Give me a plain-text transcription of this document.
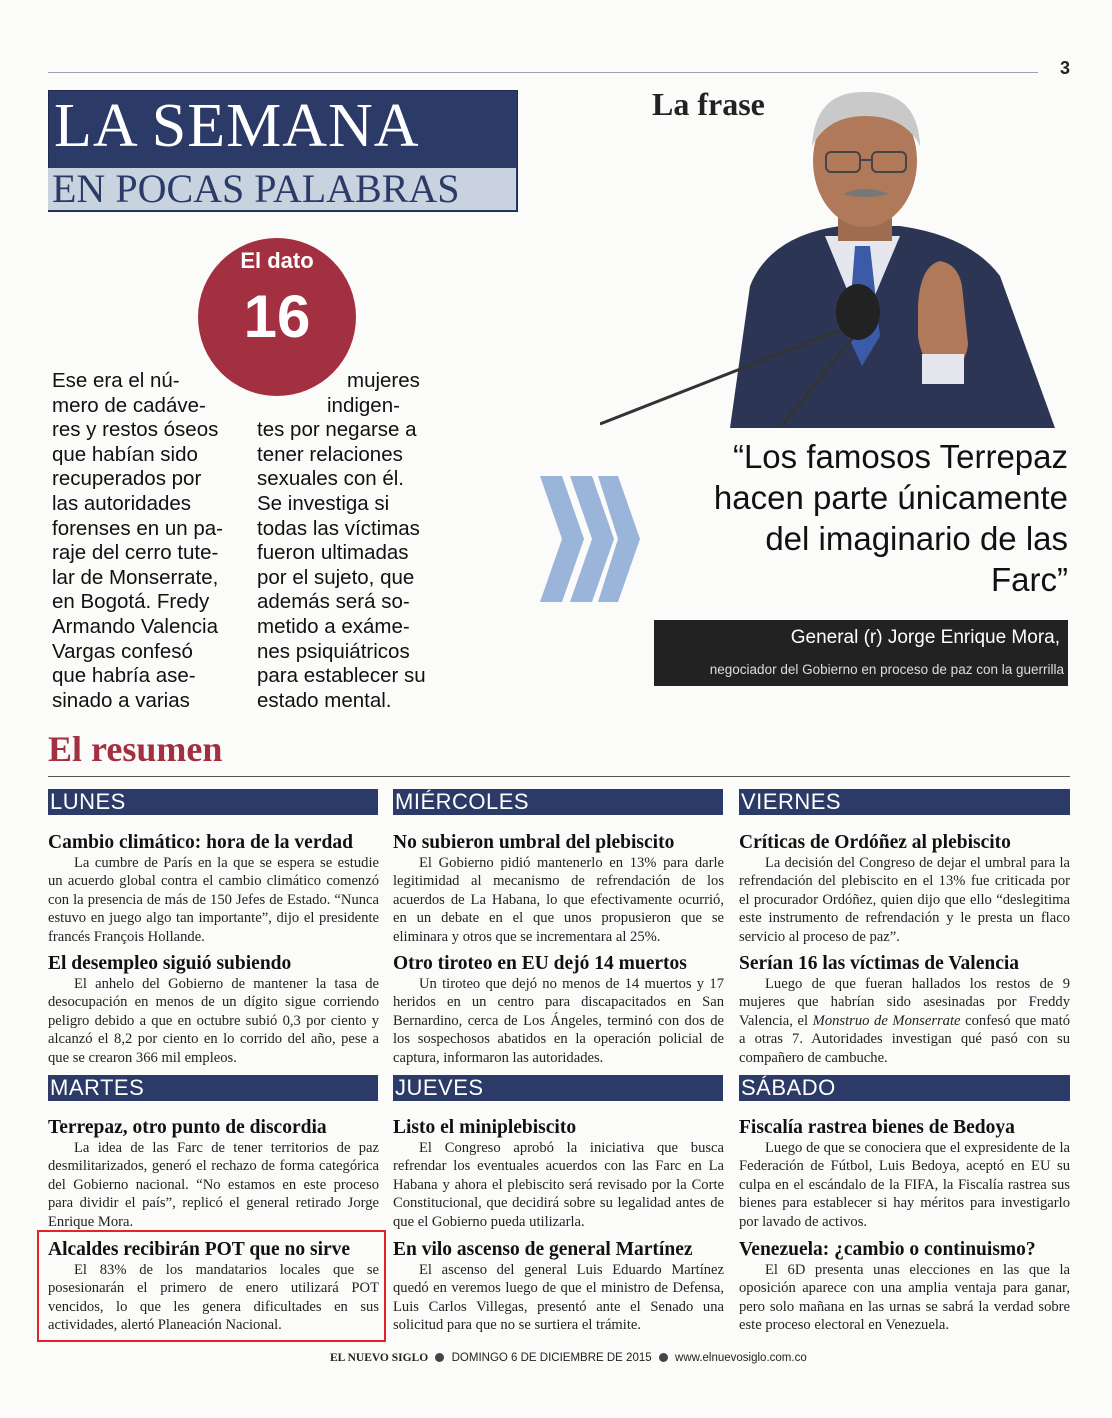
3
LA SEMANA
EN POCAS PALABRAS
El dato
16
Ese era el nú-
mero de cadáve-
res y restos óseos
que habían sido
recuperados por
las autoridades
forenses en un pa-
raje del cerro tute-
lar de Monserrate,
en Bogotá. Fredy
Armando Valencia
Vargas confesó
que habría ase-
sinado a varias
mujeres
indigen-
tes por negarse a
tener relaciones
sexuales con él.
Se investiga si
todas las víctimas
fueron ultimadas
por el sujeto, que
además será so-
metido a exáme-
nes psiquiátricos
para establecer su
estado mental.
La frase
“Los famosos Terrepaz
hacen parte únicamente
del imaginario de las
Farc”
General (r) Jorge Enrique Mora,
negociador del Gobierno en proceso de paz con la guerrilla
El resumen
LUNES	MIÉRCOLES	VIERNES
MARTES	JUEVES	SÁBADO
Cambio climático: hora de la verdad

La cumbre de París en la que se espera se estudie un acuerdo global contra el cambio climático comenzó con la presencia de más de 150 Jefes de Estado. “Nunca estuvo en juego algo tan importante”, dijo el presidente francés François Hollande.

El desempleo siguió subiendo

El anhelo del Gobierno de mantener la tasa de desocupación en menos de un dígito sigue corriendo peligro debido a que en octubre subió 0,3 por ciento y alcanzó el 8,2 por ciento en lo corrido del año, pese a que se crearon 366 mil empleos.

Terrepaz, otro punto de discordia

La idea de las Farc de tener territorios de paz desmilitarizados, generó el rechazo de forma categórica del Gobierno nacional. “No estamos en este proceso para dividir el país”, replicó el general retirado Jorge Enrique Mora.

Alcaldes recibirán POT que no sirve

El 83% de los mandatarios locales que se posesionarán el primero de enero utilizará POT vencidos, lo que les genera dificultades en sus actividades, alertó Planeación Nacional.

No subieron umbral del plebiscito

El Gobierno pidió mantenerlo en 13% para darle legitimidad al mecanismo de refrendación de los acuerdos de La Habana, lo que efectivamente ocurrió, en un debate en el que unos propusieron que se eliminara y otros que se incrementara al 25%.

Otro tiroteo en EU dejó 14 muertos

Un tiroteo que dejó no menos de 14 muertos y 17 heridos en un centro para discapacitados en San Bernardino, cerca de Los Ángeles, terminó con dos de los sospechosos abatidos en la operación policial de captura, informaron las autoridades.

Listo el miniplebiscito

El Congreso aprobó la iniciativa que busca refrendar los eventuales acuerdos con las Farc en La Habana y ahora el plebiscito será revisado por la Corte Constitucional, que decidirá sobre su legalidad antes de que el Gobierno pueda utilizarla.

En vilo ascenso de general Martínez

El ascenso del general Luis Eduardo Martínez quedó en veremos luego de que el ministro de Defensa, Luis Carlos Villegas, presentó ante el Senado una solicitud para que no se surtiera el trámite.

Críticas de Ordóñez al plebiscito

La decisión del Congreso de dejar el umbral para la refrendación del plebiscito en el 13% fue criticada por el procurador Ordóñez, quien dijo que ello “deslegitima este instrumento de refrendación y le presta un flaco servicio al proceso de paz”.

Serían 16 las víctimas de Valencia

Luego de que fueran hallados los restos de 9 mujeres que habrían sido asesinadas por Freddy Valencia, el Monstruo de Monserrate confesó que mató a otras 7. Autoridades investigan qué pasó con su compañero de cambuche.

Fiscalía rastrea bienes de Bedoya

Luego de que se conociera que el expresidente de la Federación de Fútbol, Luis Bedoya, aceptó en EU su culpa en el escándalo de la FIFA, la Fiscalía rastrea sus bienes para establecer si hay méritos para investigarlo por lavado de activos.

Venezuela: ¿cambio o continuismo?

El 6D presenta unas elecciones en las que la oposición aparece con una amplia ventaja para ganar, pero solo mañana en las urnas se sabrá la verdad sobre este proceso electoral en Venezuela.

EL NUEVO SIGLO DOMINGO 6 DE DICIEMBRE DE 2015 www.elnuevosiglo.com.co
